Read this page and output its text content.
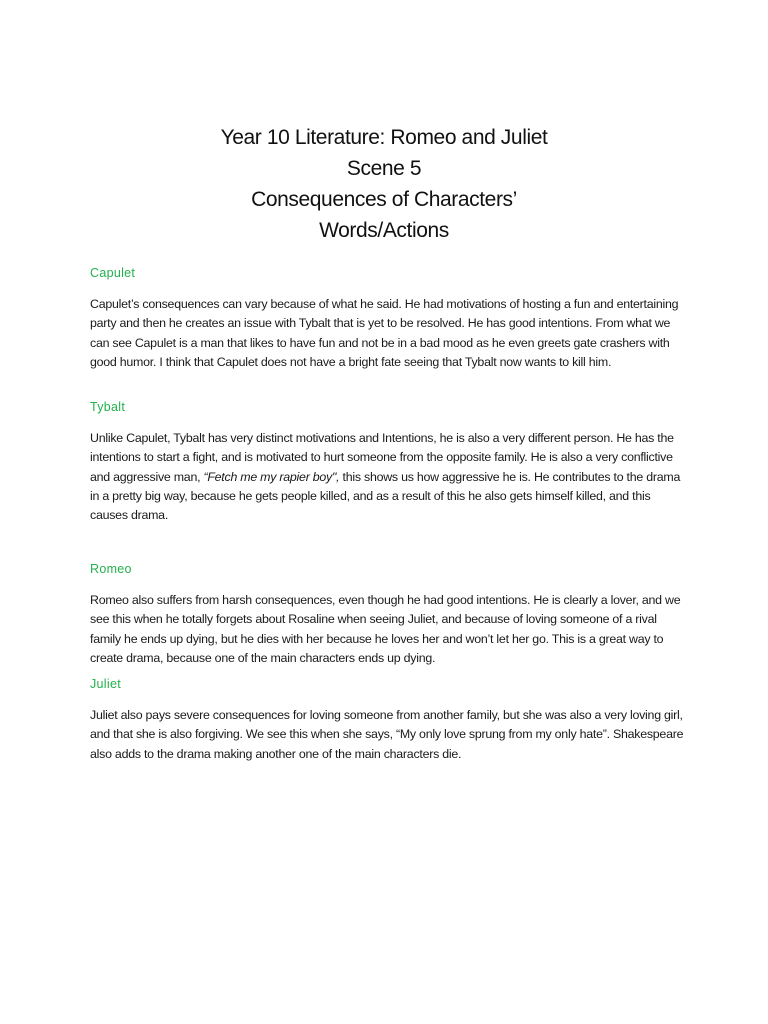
Year 10 Literature: Romeo and Juliet
Scene 5
Consequences of Characters’
Words/Actions
Capulet
Capulet’s consequences can vary because of what he said. He had motivations of hosting a fun and entertaining party and then he creates an issue with Tybalt that is yet to be resolved. He has good intentions. From what we can see Capulet is a man that likes to have fun and not be in a bad mood as he even greets gate crashers with good humor. I think that Capulet does not have a bright fate seeing that Tybalt now wants to kill him.
Tybalt
Unlike Capulet, Tybalt has very distinct motivations and Intentions, he is also a very different person. He has the intentions to start a fight, and is motivated to hurt someone from the opposite family. He is also a very conflictive and aggressive man, “Fetch me my rapier boy", this shows us how aggressive he is. He contributes to the drama in a pretty big way, because he gets people killed, and as a result of this he also gets himself killed, and this causes drama.
Romeo
Romeo also suffers from harsh consequences, even though he had good intentions. He is clearly a lover, and we see this when he totally forgets about Rosaline when seeing Juliet, and because of loving someone of a rival family he ends up dying, but he dies with her because he loves her and won’t let her go. This is a great way to create drama, because one of the main characters ends up dying.
Juliet
Juliet also pays severe consequences for loving someone from another family, but she was also a very loving girl, and that she is also forgiving. We see this when she says, “My only love sprung from my only hate”. Shakespeare also adds to the drama making another one of the main characters die.
